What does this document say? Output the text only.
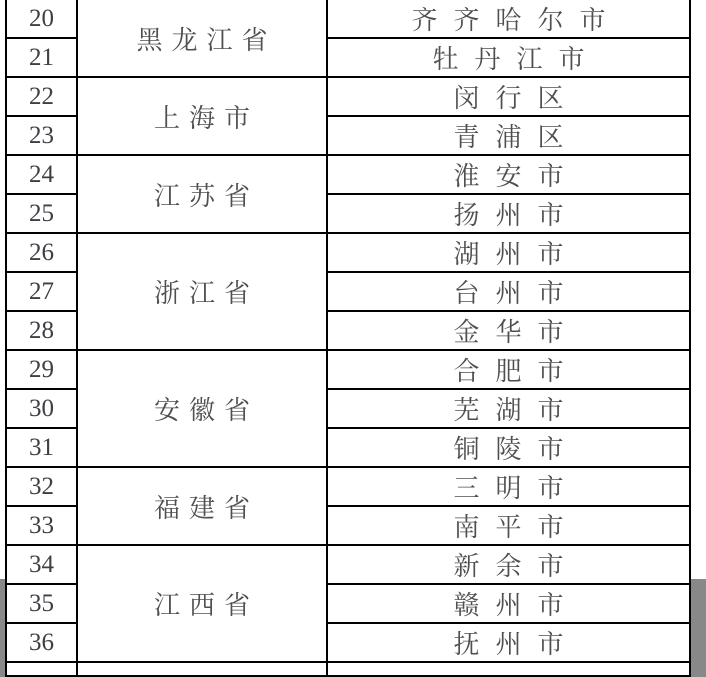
20	黑龙江省	齐齐哈尔市
21		牡丹江市
22	上海市	闵行区
23		青浦区
24	江苏省	淮安市
25		扬州市
26	浙江省	湖州市
27		台州市
28		金华市
29	安徽省	合肥市
30		芜湖市
31		铜陵市
32	福建省	三明市
33		南平市
34	江西省	新余市
35		赣州市
36		抚州市
